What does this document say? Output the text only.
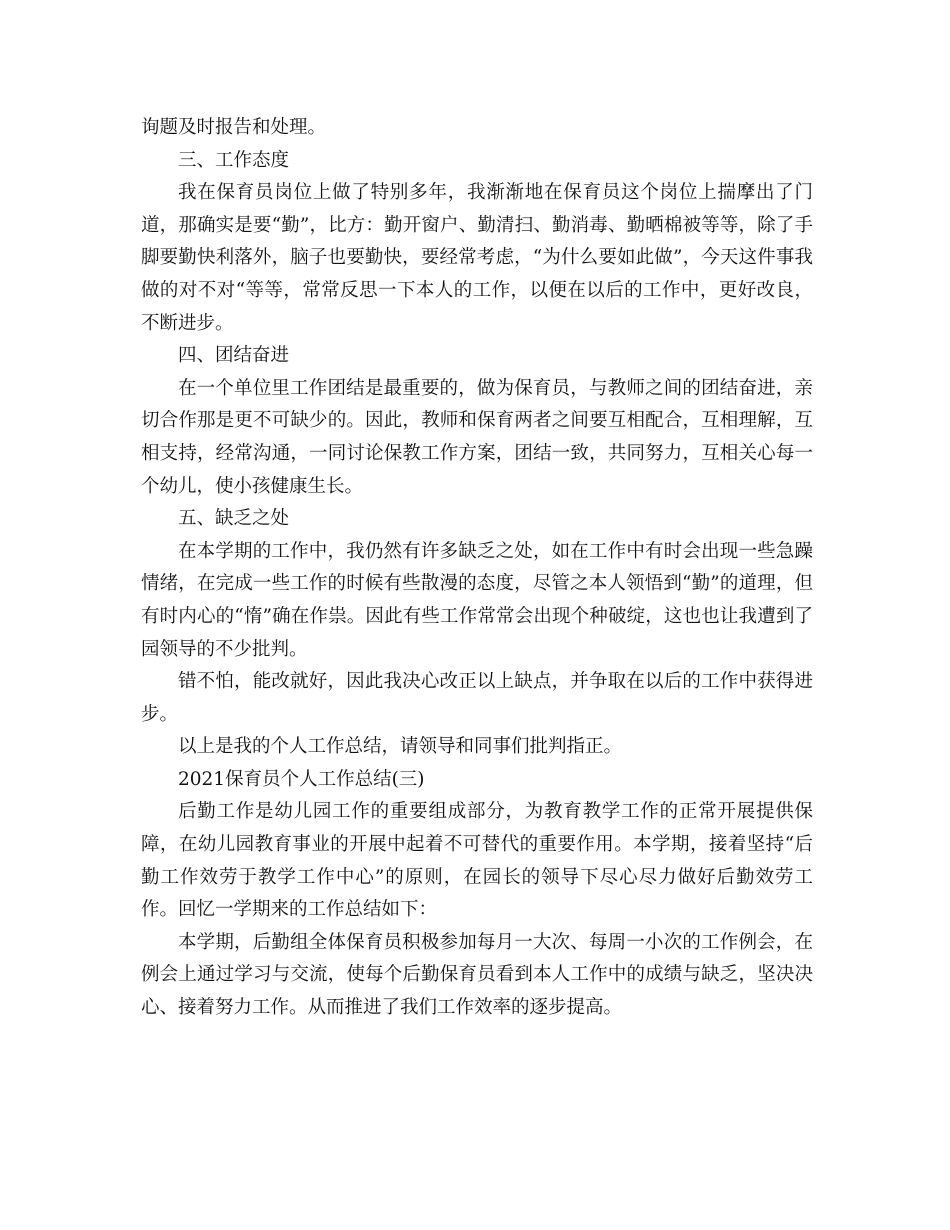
询题及时报告和处理。

三、工作态度

我在保育员岗位上做了特别多年，我渐渐地在保育员这个岗位上揣摩出了门道，那确实是要“勤”，比方：勤开窗户、勤清扫、勤消毒、勤晒棉被等等，除了手脚要勤快利落外，脑子也要勤快，要经常考虑，“为什么要如此做”，今天这件事我做的对不对“等等，常常反思一下本人的工作，以便在以后的工作中，更好改良，不断进步。

四、团结奋进

在一个单位里工作团结是最重要的，做为保育员，与教师之间的团结奋进，亲切合作那是更不可缺少的。因此，教师和保育两者之间要互相配合，互相理解，互相支持，经常沟通，一同讨论保教工作方案，团结一致，共同努力，互相关心每一个幼儿，使小孩健康生长。

五、缺乏之处

在本学期的工作中，我仍然有许多缺乏之处，如在工作中有时会出现一些急躁情绪，在完成一些工作的时候有些散漫的态度，尽管之本人领悟到“勤”的道理，但有时内心的“惰”确在作祟。因此有些工作常常会出现个种破绽，这也也让我遭到了园领导的不少批判。

错不怕，能改就好，因此我决心改正以上缺点，并争取在以后的工作中获得进步。

以上是我的个人工作总结，请领导和同事们批判指正。

2021保育员个人工作总结(三)

后勤工作是幼儿园工作的重要组成部分，为教育教学工作的正常开展提供保障，在幼儿园教育事业的开展中起着不可替代的重要作用。本学期，接着坚持“后勤工作效劳于教学工作中心”的原则，在园长的领导下尽心尽力做好后勤效劳工作。回忆一学期来的工作总结如下：

本学期，后勤组全体保育员积极参加每月一大次、每周一小次的工作例会，在例会上通过学习与交流，使每个后勤保育员看到本人工作中的成绩与缺乏，坚决决心、接着努力工作。从而推进了我们工作效率的逐步提高。
